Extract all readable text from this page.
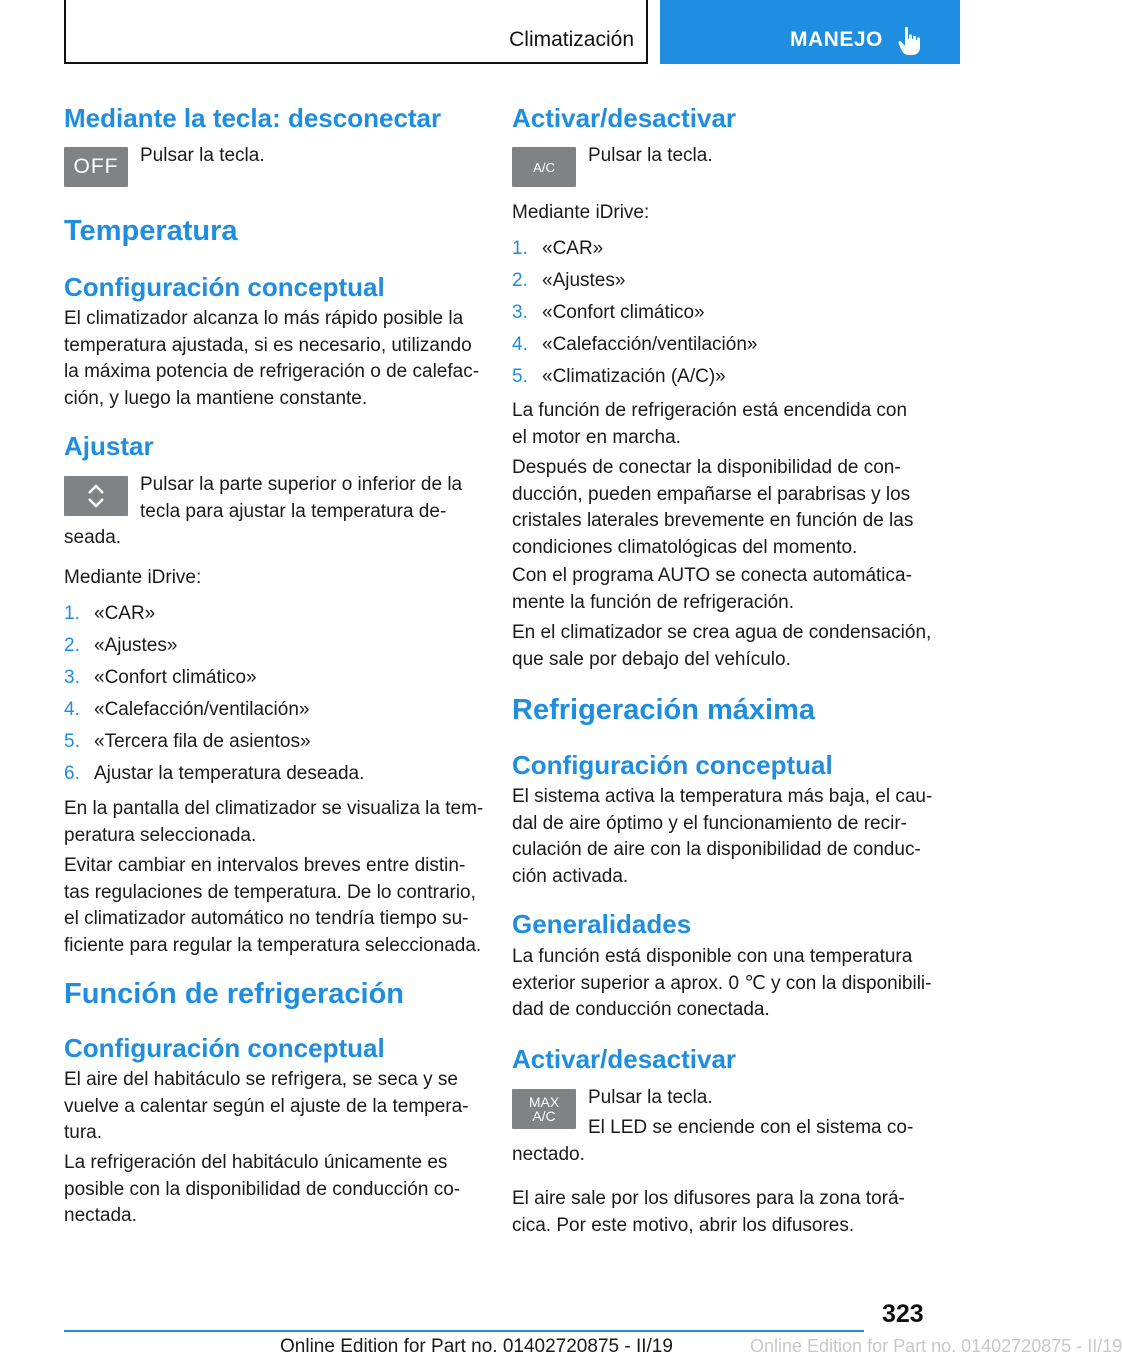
Climatización	MANEJO
Mediante la tecla: desconectar
OFF Pulsar la tecla.
Temperatura
Configuración conceptual
El climatizador alcanza lo más rápido posible la
temperatura ajustada, si es necesario, utilizando
la máxima potencia de refrigeración o de calefac-
ción, y luego la mantiene constante.
Ajustar
Pulsar la parte superior o inferior de la
tecla para ajustar la temperatura de-
seada.
Mediante iDrive:
1. «CAR»
2. «Ajustes»
3. «Confort climático»
4. «Calefacción/ventilación»
5. «Tercera fila de asientos»
6. Ajustar la temperatura deseada.
En la pantalla del climatizador se visualiza la tem-
peratura seleccionada.
Evitar cambiar en intervalos breves entre distin-
tas regulaciones de temperatura. De lo contrario,
el climatizador automático no tendría tiempo su-
ficiente para regular la temperatura seleccionada.
Función de refrigeración
Configuración conceptual
El aire del habitáculo se refrigera, se seca y se
vuelve a calentar según el ajuste de la tempera-
tura.
La refrigeración del habitáculo únicamente es
posible con la disponibilidad de conducción co-
nectada.
Activar/desactivar
A/C
Pulsar la tecla.
Mediante iDrive:
1. «CAR»
2. «Ajustes»
3. «Confort climático»
4. «Calefacción/ventilación»
5. «Climatización (A/C)»
La función de refrigeración está encendida con
el motor en marcha.
Después de conectar la disponibilidad de con-
ducción, pueden empañarse el parabrisas y los
cristales laterales brevemente en función de las
condiciones climatológicas del momento.
Con el programa AUTO se conecta automática-
mente la función de refrigeración.
En el climatizador se crea agua de condensación,
que sale por debajo del vehículo.
Refrigeración máxima
Configuración conceptual
El sistema activa la temperatura más baja, el cau-
dal de aire óptimo y el funcionamiento de recir-
culación de aire con la disponibilidad de conduc-
ción activada.
Generalidades
La función está disponible con una temperatura
exterior superior a aprox. 0 ℃ y con la disponibili-
dad de conducción conectada.
Activar/desactivar
MAX
A/C
Pulsar la tecla.
El LED se enciende con el sistema co-
nectado.
El aire sale por los difusores para la zona torá-
cica. Por este motivo, abrir los difusores.
323
Online Edition for Part no. 01402720875 - II/19	Online Edition for Part no. 01402720875 - II/19
